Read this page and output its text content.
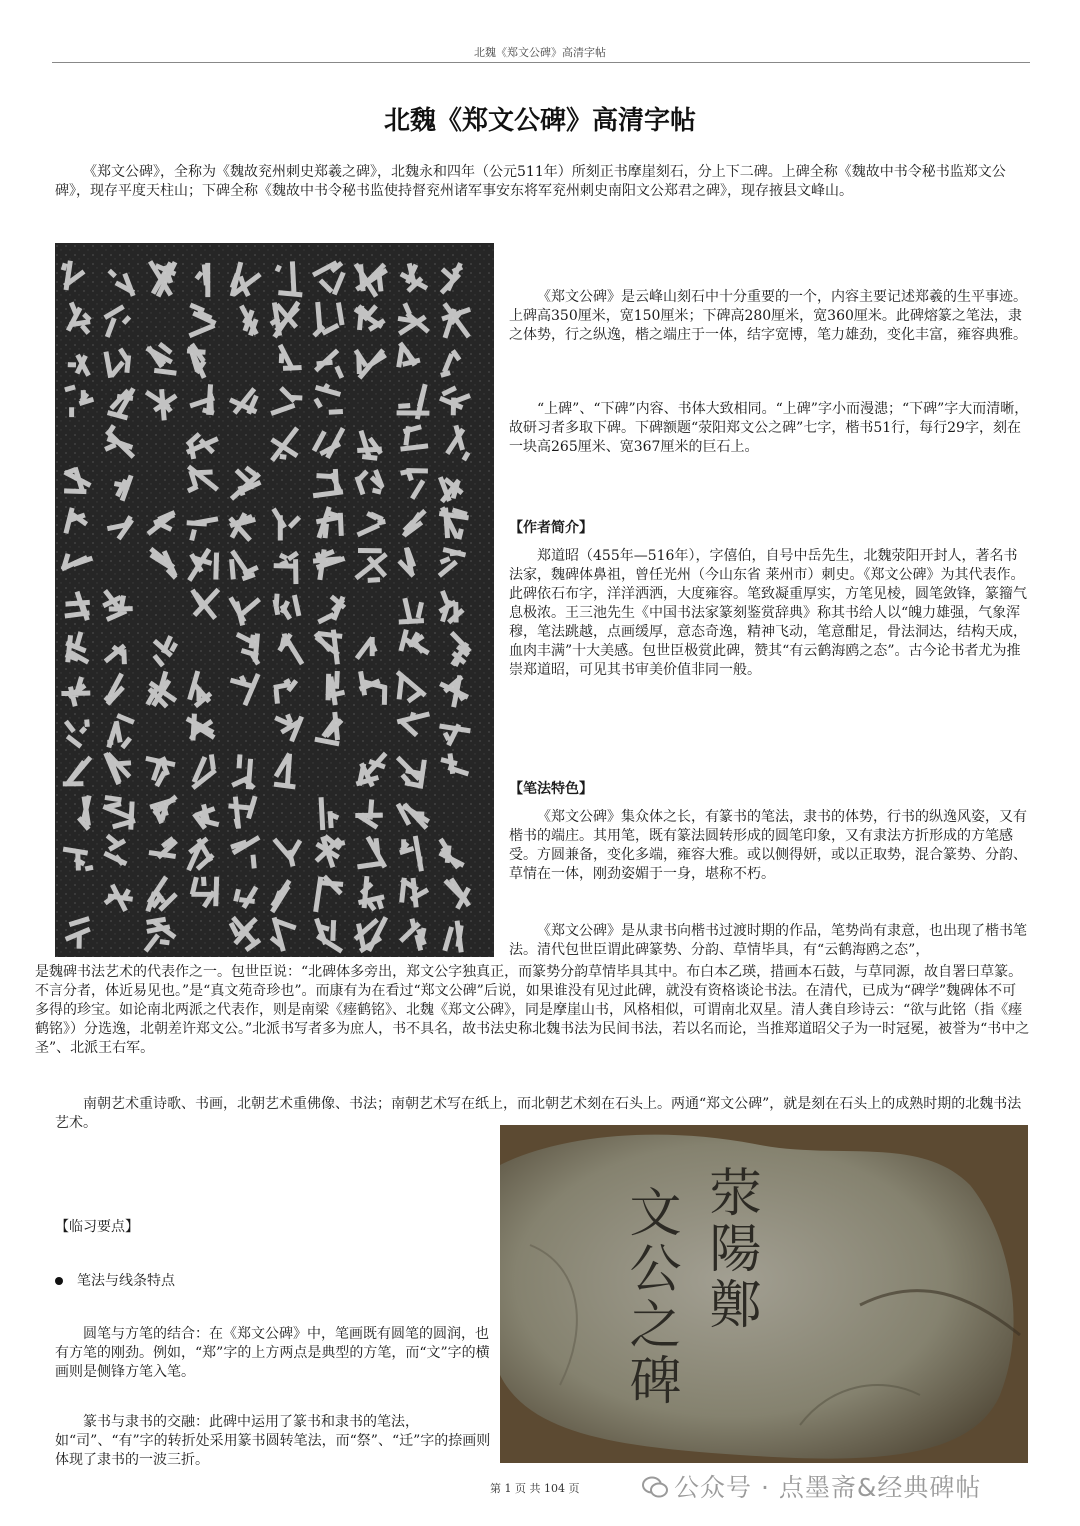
北魏《郑文公碑》高清字帖
北魏《郑文公碑》高清字帖

《郑文公碑》，全称为《魏故兖州刺史郑羲之碑》，北魏永和四年（公元511年）所刻正书摩崖刻石，分上下二碑。上碑全称《魏故中书令秘书监郑文公碑》，现存平度天柱山；下碑全称《魏故中书令秘书监使持督兖州诸军事安东将军兖州刺史南阳文公郑君之碑》，现存掖县文峰山。

《郑文公碑》是云峰山刻石中十分重要的一个，内容主要记述郑羲的生平事迹。上碑高350厘米，宽150厘米；下碑高280厘米，宽360厘米。此碑熔篆之笔法，隶之体势，行之纵逸，楷之端庄于一体，结字宽博，笔力雄劲，变化丰富，雍容典雅。

“上碑”、“下碑”内容、书体大致相同。“上碑”字小而漫漶；“下碑”字大而清晰，故研习者多取下碑。下碑额题“荥阳郑文公之碑”七字，楷书51行，每行29字，刻在一块高265厘米、宽367厘米的巨石上。

【作者简介】

郑道昭（455年—516年），字僖伯，自号中岳先生，北魏荥阳开封人，著名书法家，魏碑体鼻祖，曾任光州（今山东省 莱州市）刺史。《郑文公碑》为其代表作。此碑依石布字，洋洋洒洒，大度雍容。笔致凝重厚实，方笔见棱，圆笔敛锋，篆籀气息极浓。王三池先生《中国书法家篆刻鉴赏辞典》称其书给人以“魄力雄强，气象浑穆，笔法跳越，点画缓厚，意态奇逸，精神飞动，笔意酣足，骨法洞达，结构天成，血肉丰满”十大美感。包世臣极赏此碑，赞其“有云鹤海鸥之态”。古今论书者尤为推崇郑道昭，可见其书审美价值非同一般。

【笔法特色】

《郑文公碑》集众体之长，有篆书的笔法，隶书的体势，行书的纵逸风姿，又有楷书的端庄。其用笔，既有篆法圆转形成的圆笔印象，又有隶法方折形成的方笔感受。方圆兼备，变化多端，雍容大雅。或以侧得妍，或以正取势，混合篆势、分韵、草情在一体，刚劲姿媚于一身，堪称不朽。

《郑文公碑》是从隶书向楷书过渡时期的作品，笔势尚有隶意，也出现了楷书笔法。清代包世臣谓此碑篆势、分韵、草情毕具，有“云鹤海鸥之态”，

是魏碑书法艺术的代表作之一。包世臣说：“北碑体多旁出，郑文公字独真正，而篆势分韵草情毕具其中。布白本乙瑛，措画本石鼓，与草同源，故自署曰草篆。不言分者，体近易见也。”是“真文苑奇珍也”。而康有为在看过“郑文公碑”后说，如果谁没有见过此碑，就没有资格谈论书法。在清代，已成为“碑学”魏碑体不可多得的珍宝。如论南北两派之代表作，则是南梁《瘗鹤铭》、北魏《郑文公碑》，同是摩崖山书，风格相似，可谓南北双星。清人龚自珍诗云：“欲与此铭（指《瘗鹤铭》）分选逸，北朝差许郑文公。”北派书写者多为庶人，书不具名，故书法史称北魏书法为民间书法，若以名而论，当推郑道昭父子为一时冠冕，被誉为“书中之圣”、北派王右军。

南朝艺术重诗歌、书画，北朝艺术重佛像、书法；南朝艺术写在纸上，而北朝艺术刻在石头上。两通“郑文公碑”，就是刻在石头上的成熟时期的北魏书法艺术。

【临习要点】
笔法与线条特点

圆笔与方笔的结合：在《郑文公碑》中，笔画既有圆笔的圆润，也有方笔的刚劲。例如，“郑”字的上方两点是典型的方笔，而“文”字的横画则是侧锋方笔入笔。

篆书与隶书的交融：此碑中运用了篆书和隶书的笔法，如“司”、“有”字的转折处采用篆书圆转笔法，而“祭”、“迁”字的捺画则体现了隶书的一波三折。

文公之碑 荥陽鄭
第 1 页 共 104 页	公众号 · 点墨斋&经典碑帖
